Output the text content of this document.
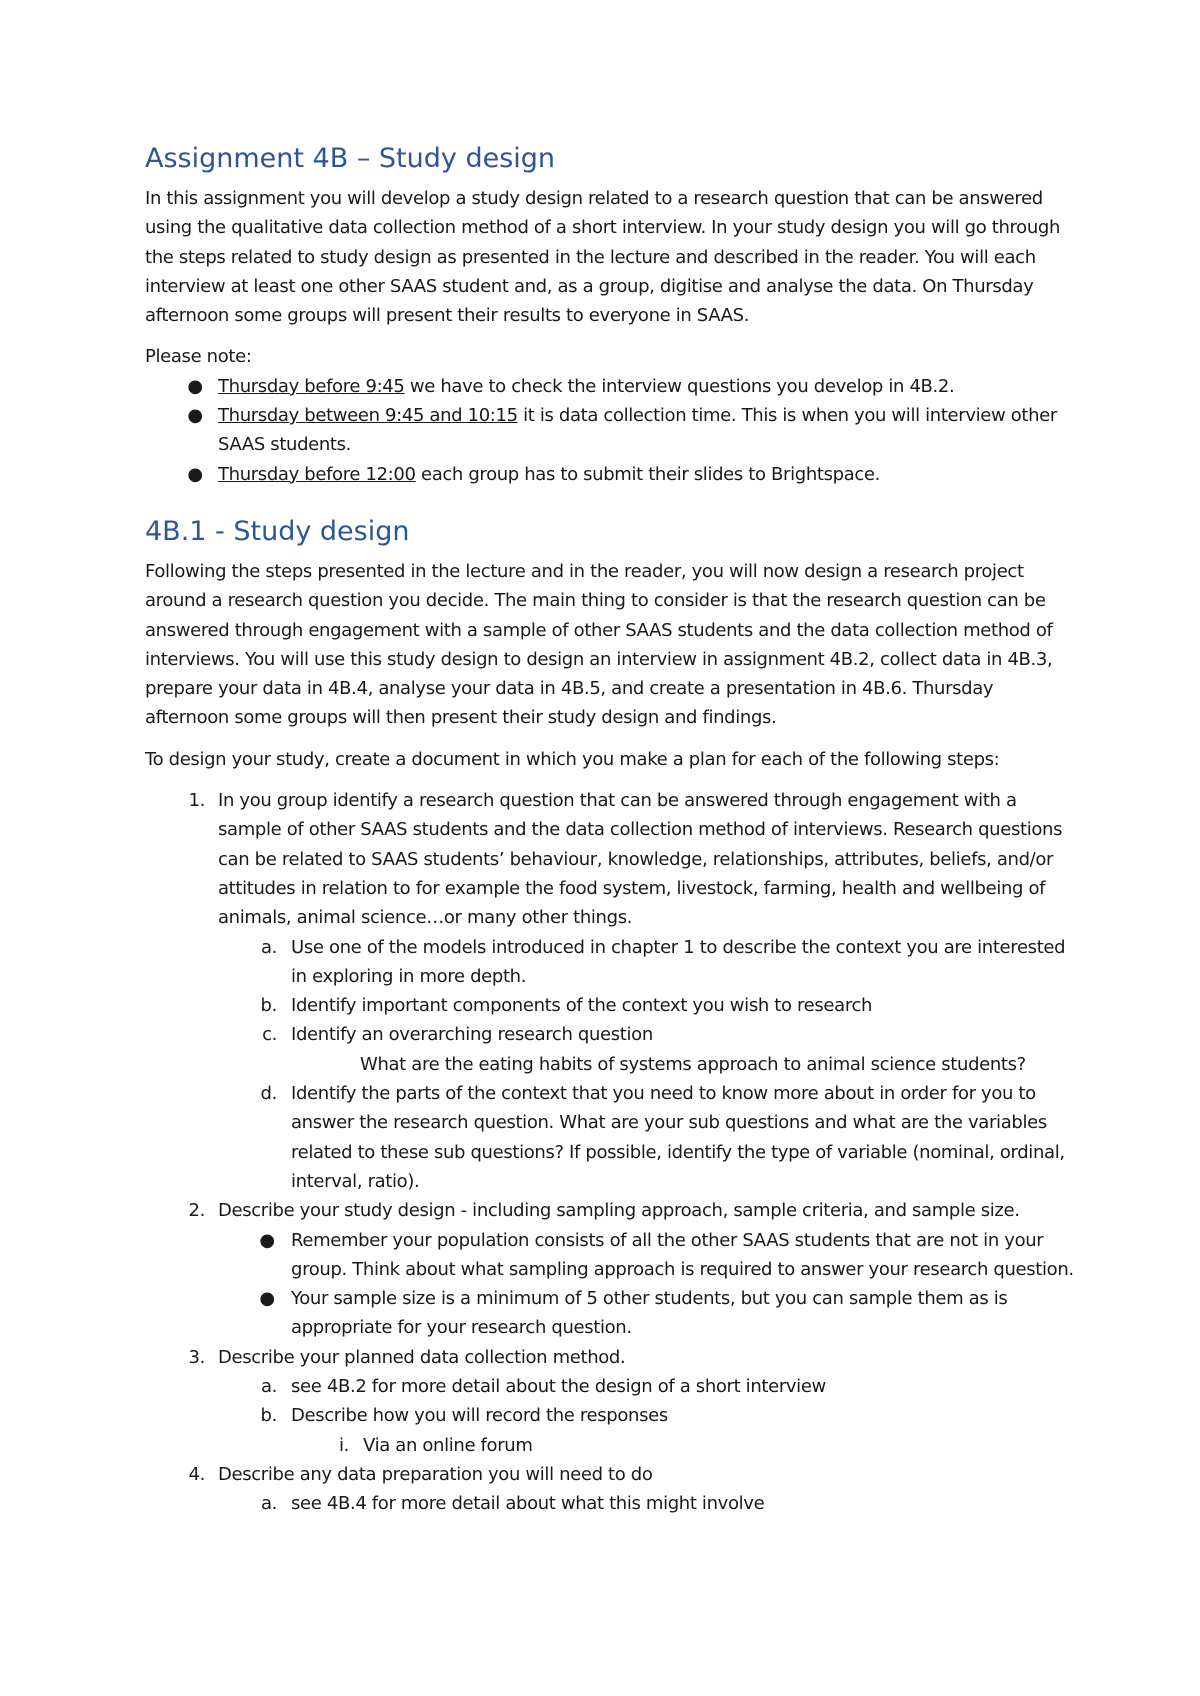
Assignment 4B – Study design

In this assignment you will develop a study design related to a research question that can be answered using the qualitative data collection method of a short interview. In your study design you will go through the steps related to study design as presented in the lecture and described in the reader. You will each interview at least one other SAAS student and, as a group, digitise and analyse the data. On Thursday afternoon some groups will present their results to everyone in SAAS.

Please note:

● Thursday before 9:45 we have to check the interview questions you develop in 4B.2.
● Thursday between 9:45 and 10:15 it is data collection time. This is when you will interview other SAAS students.
● Thursday before 12:00 each group has to submit their slides to Brightspace.
4B.1 - Study design

Following the steps presented in the lecture and in the reader, you will now design a research project around a research question you decide. The main thing to consider is that the research question can be answered through engagement with a sample of other SAAS students and the data collection method of interviews. You will use this study design to design an interview in assignment 4B.2, collect data in 4B.3, prepare your data in 4B.4, analyse your data in 4B.5, and create a presentation in 4B.6. Thursday afternoon some groups will then present their study design and findings.

To design your study, create a document in which you make a plan for each of the following steps:

1. In you group identify a research question that can be answered through engagement with a sample of other SAAS students and the data collection method of interviews. Research questions can be related to SAAS students’ behaviour, knowledge, relationships, attributes, beliefs, and/or attitudes in relation to for example the food system, livestock, farming, health and wellbeing of animals, animal science…or many other things.
a. Use one of the models introduced in chapter 1 to describe the context you are interested in exploring in more depth.
b. Identify important components of the context you wish to research
c. Identify an overarching research question
What are the eating habits of systems approach to animal science students?
d. Identify the parts of the context that you need to know more about in order for you to answer the research question. What are your sub questions and what are the variables related to these sub questions? If possible, identify the type of variable (nominal, ordinal, interval, ratio).
2. Describe your study design - including sampling approach, sample criteria, and sample size.
● Remember your population consists of all the other SAAS students that are not in your group. Think about what sampling approach is required to answer your research question.
● Your sample size is a minimum of 5 other students, but you can sample them as is appropriate for your research question.
3. Describe your planned data collection method.
a. see 4B.2 for more detail about the design of a short interview
b. Describe how you will record the responses
i. Via an online forum
4. Describe any data preparation you will need to do
a. see 4B.4 for more detail about what this might involve
